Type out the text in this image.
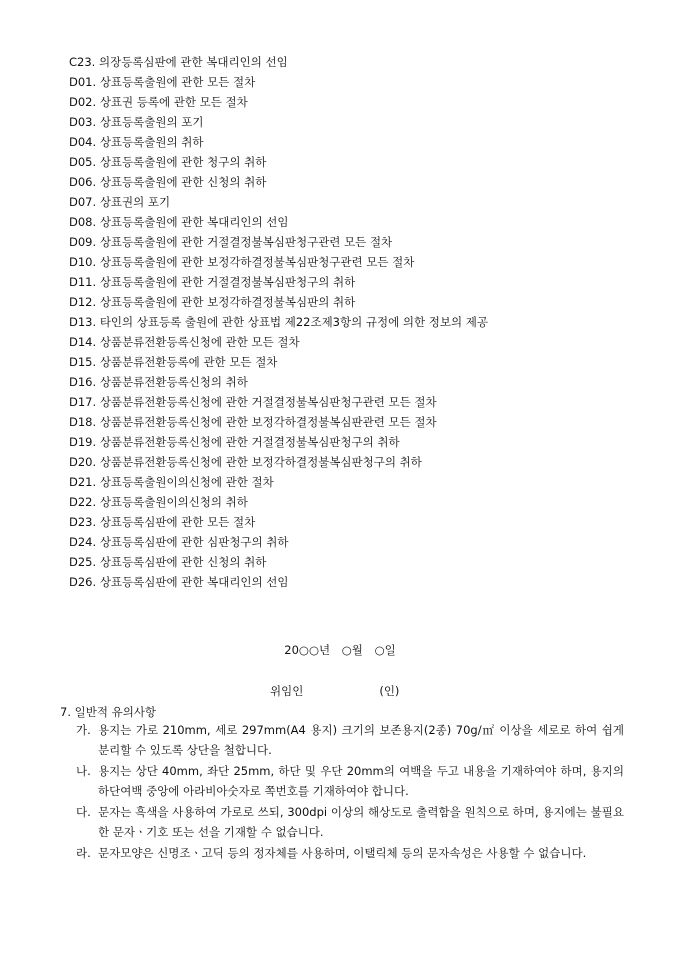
C23. 의장등록심판에 관한 복대리인의 선임
D01. 상표등록출원에 관한 모든 절차
D02. 상표권 등록에 관한 모든 절차
D03. 상표등록출원의 포기
D04. 상표등록출원의 취하
D05. 상표등록출원에 관한 청구의 취하
D06. 상표등록출원에 관한 신청의 취하
D07. 상표권의 포기
D08. 상표등록출원에 관한 복대리인의 선임
D09. 상표등록출원에 관한 거절결정불복심판청구관련 모든 절차
D10. 상표등록출원에 관한 보정각하결정불복심판청구관련 모든 절차
D11. 상표등록출원에 관한 거절결정불복심판청구의 취하
D12. 상표등록출원에 관한 보정각하결정불복심판의 취하
D13. 타인의 상표등록 출원에 관한 상표법 제22조제3항의 규정에 의한 정보의 제공
D14. 상품분류전환등록신청에 관한 모든 절차
D15. 상품분류전환등록에 관한 모든 절차
D16. 상품분류전환등록신청의 취하
D17. 상품분류전환등록신청에 관한 거절결정불복심판청구관련 모든 절차
D18. 상품분류전환등록신청에 관한 보정각하결정불복심판관련 모든 절차
D19. 상품분류전환등록신청에 관한 거절결정불복심판청구의 취하
D20. 상품분류전환등록신청에 관한 보정각하결정불복심판청구의 취하
D21. 상표등록출원이의신청에 관한 절차
D22. 상표등록출원이의신청의 취하
D23. 상표등록심판에 관한 모든 절차
D24. 상표등록심판에 관한 심판청구의 취하
D25. 상표등록심판에 관한 신청의 취하
D26. 상표등록심판에 관한 복대리인의 선임
20○○년 ○월 ○일
위임인	(인)
7. 일반적 유의사항
가. 용지는 가로 210mm, 세로 297mm(A4 용지) 크기의 보존용지(2종) 70g/㎡ 이상을 세로로 하여 쉽게 분리할 수 있도록 상단을 철합니다.
나. 용지는 상단 40mm, 좌단 25mm, 하단 및 우단 20mm의 여백을 두고 내용을 기재하여야 하며, 용지의 하단여백 중앙에 아라비아숫자로 쪽번호를 기재하여야 합니다.
다. 문자는 흑색을 사용하여 가로로 쓰되, 300dpi 이상의 해상도로 출력함을 원칙으로 하며, 용지에는 불필요한 문자ㆍ기호 또는 선을 기재할 수 없습니다.
라. 문자모양은 신명조ㆍ고딕 등의 정자체를 사용하며, 이탤릭체 등의 문자속성은 사용할 수 없습니다.
